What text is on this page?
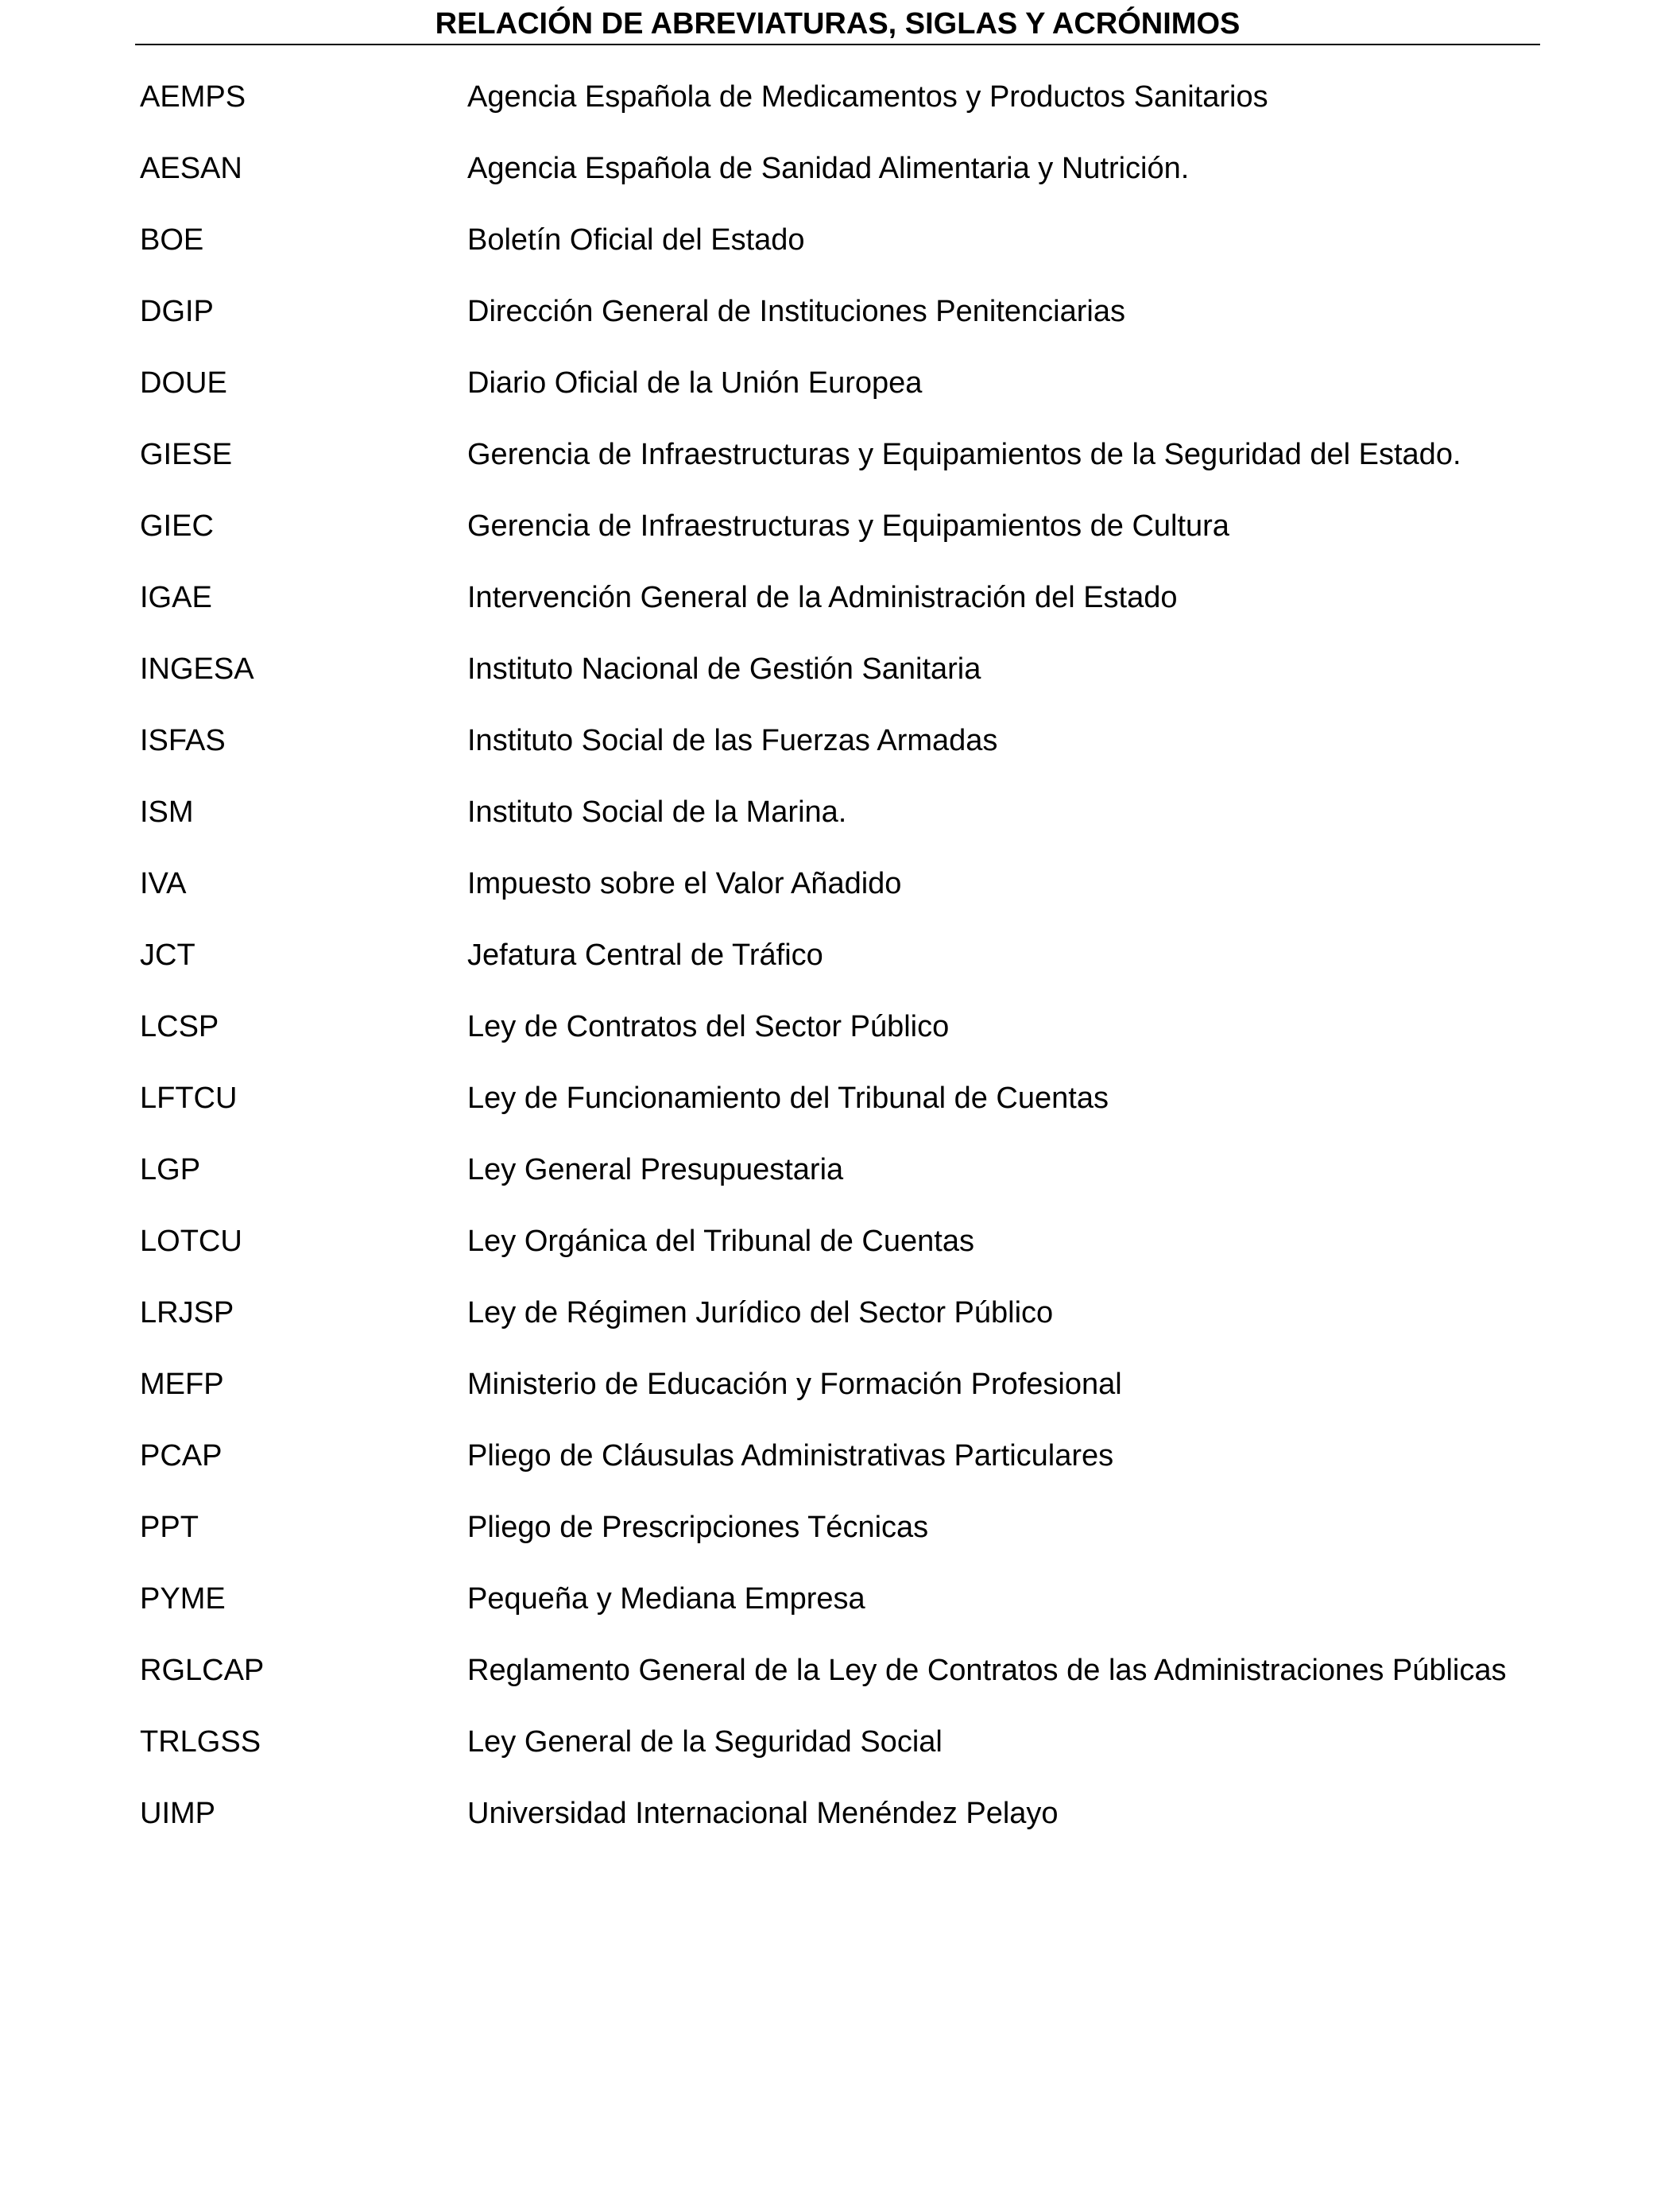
RELACIÓN DE ABREVIATURAS, SIGLAS Y ACRÓNIMOS
AEMPS	Agencia Española de Medicamentos y Productos Sanitarios
AESAN	Agencia Española de Sanidad Alimentaria y Nutrición.
BOE	Boletín Oficial del Estado
DGIP	Dirección General de Instituciones Penitenciarias
DOUE	Diario Oficial de la Unión Europea
GIESE	Gerencia de Infraestructuras y Equipamientos de la Seguridad del Estado.
GIEC	Gerencia de Infraestructuras y Equipamientos de Cultura
IGAE	Intervención General de la Administración del Estado
INGESA	Instituto Nacional de Gestión Sanitaria
ISFAS	Instituto Social de las Fuerzas Armadas
ISM	Instituto Social de la Marina.
IVA	Impuesto sobre el Valor Añadido
JCT	Jefatura Central de Tráfico
LCSP	Ley de Contratos del Sector Público
LFTCU	Ley de Funcionamiento del Tribunal de Cuentas
LGP	Ley General Presupuestaria
LOTCU	Ley Orgánica del Tribunal de Cuentas
LRJSP	Ley de Régimen Jurídico del Sector Público
MEFP	Ministerio de Educación y Formación Profesional
PCAP	Pliego de Cláusulas Administrativas Particulares
PPT	Pliego de Prescripciones Técnicas
PYME	Pequeña y Mediana Empresa
RGLCAP	Reglamento General de la Ley de Contratos de las Administraciones Públicas
TRLGSS	Ley General de la Seguridad Social
UIMP	Universidad Internacional Menéndez Pelayo
